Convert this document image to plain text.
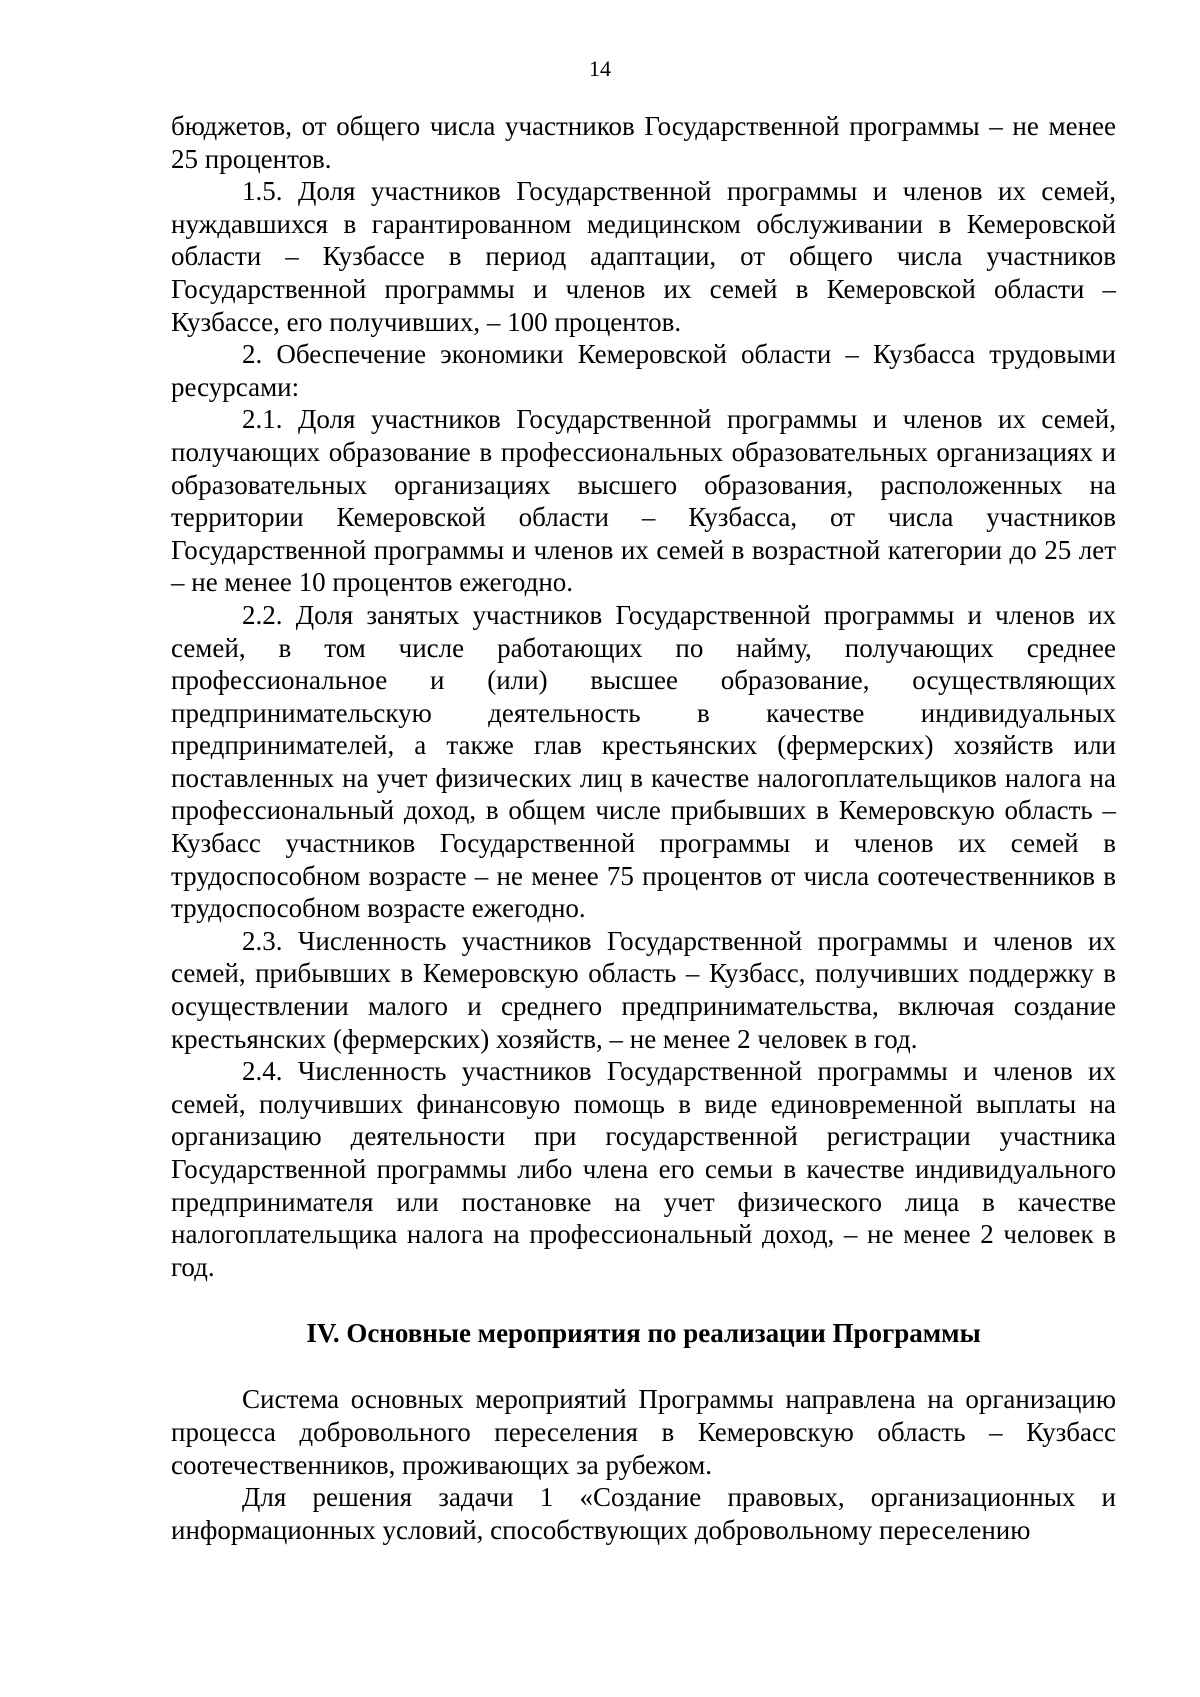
14

бюджетов, от общего числа участников Государственной программы – не менее 25 процентов.

1.5. Доля участников Государственной программы и членов их семей, нуждавшихся в гарантированном медицинском обслуживании в Кемеровской области – Кузбассе в период адаптации, от общего числа участников Государственной программы и членов их семей в Кемеровской области – Кузбассе, его получивших, – 100 процентов.

2. Обеспечение экономики Кемеровской области – Кузбасса трудовыми ресурсами:

2.1. Доля участников Государственной программы и членов их семей, получающих образование в профессиональных образовательных организациях и образовательных организациях высшего образования, расположенных на территории Кемеровской области – Кузбасса, от числа участников Государственной программы и членов их семей в возрастной категории до 25 лет – не менее 10 процентов ежегодно.

2.2. Доля занятых участников Государственной программы и членов их семей, в том числе работающих по найму, получающих среднее профессиональное и (или) высшее образование, осуществляющих предпринимательскую деятельность в качестве индивидуальных предпринимателей, а также глав крестьянских (фермерских) хозяйств или поставленных на учет физических лиц в качестве налогоплательщиков налога на профессиональный доход, в общем числе прибывших в Кемеровскую область – Кузбасс участников Государственной программы и членов их семей в трудоспособном возрасте – не менее 75 процентов от числа соотечественников в трудоспособном возрасте ежегодно.

2.3. Численность участников Государственной программы и членов их семей, прибывших в Кемеровскую область – Кузбасс, получивших поддержку в осуществлении малого и среднего предпринимательства, включая создание крестьянских (фермерских) хозяйств, – не менее 2 человек в год.

2.4. Численность участников Государственной программы и членов их семей, получивших финансовую помощь в виде единовременной выплаты на организацию деятельности при государственной регистрации участника Государственной программы либо члена его семьи в качестве индивидуального предпринимателя или постановке на учет физического лица в качестве налогоплательщика налога на профессиональный доход, – не менее 2 человек в год.

IV. Основные мероприятия по реализации Программы

Система основных мероприятий Программы направлена на организацию процесса добровольного переселения в Кемеровскую область – Кузбасс соотечественников, проживающих за рубежом.

Для решения задачи 1 «Создание правовых, организационных и информационных условий, способствующих добровольному переселению
